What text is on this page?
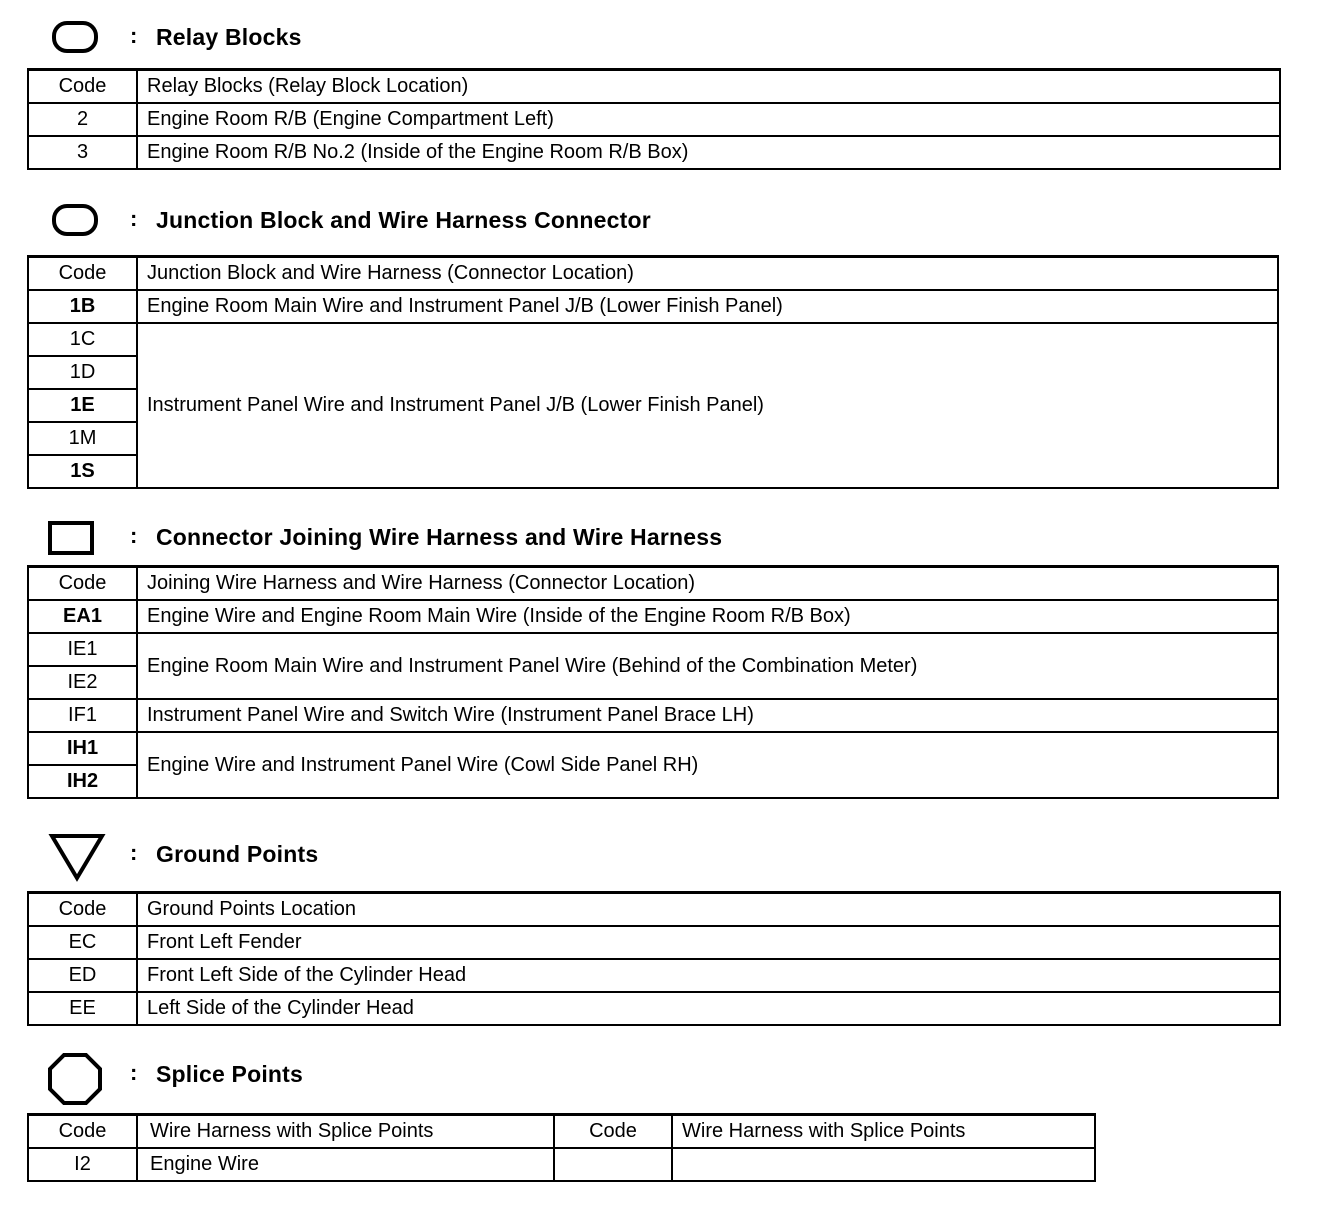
: Relay Blocks
Code	Relay Blocks (Relay Block Location)
2	Engine Room R/B (Engine Compartment Left)
3	Engine Room R/B No.2 (Inside of the Engine Room R/B Box)
: Junction Block and Wire Harness Connector
Code	Junction Block and Wire Harness (Connector Location)
1B	Engine Room Main Wire and Instrument Panel J/B (Lower Finish Panel)
1C	Instrument Panel Wire and Instrument Panel J/B (Lower Finish Panel)
1D	
1E	
1M	
1S	
: Connector Joining Wire Harness and Wire Harness
Code	Joining Wire Harness and Wire Harness (Connector Location)
EA1	Engine Wire and Engine Room Main Wire (Inside of the Engine Room R/B Box)
IE1	Engine Room Main Wire and Instrument Panel Wire (Behind of the Combination Meter)
IE2	
IF1	Instrument Panel Wire and Switch Wire (Instrument Panel Brace LH)
IH1	Engine Wire and Instrument Panel Wire (Cowl Side Panel RH)
IH2	
: Ground Points
Code	Ground Points Location
EC	Front Left Fender
ED	Front Left Side of the Cylinder Head
EE	Left Side of the Cylinder Head
: Splice Points
Code	Wire Harness with Splice Points	Code	Wire Harness with Splice Points
I2	Engine Wire		
